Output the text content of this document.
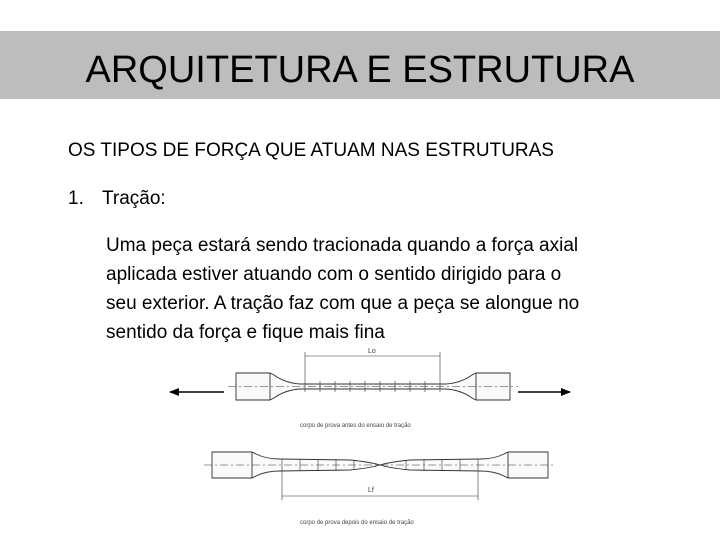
ARQUITETURA E ESTRUTURA
OS TIPOS DE FORÇA QUE ATUAM NAS ESTRUTURAS
1. Tração:
Uma peça estará sendo tracionada quando a força axial
aplicada estiver atuando com o sentido dirigido para o
seu exterior. A tração faz com que a peça se alongue no
sentido da força e fique mais fina
Lo
corpo de prova antes do ensaio de tração
Lf
corpo de prova depois do ensaio de tração
